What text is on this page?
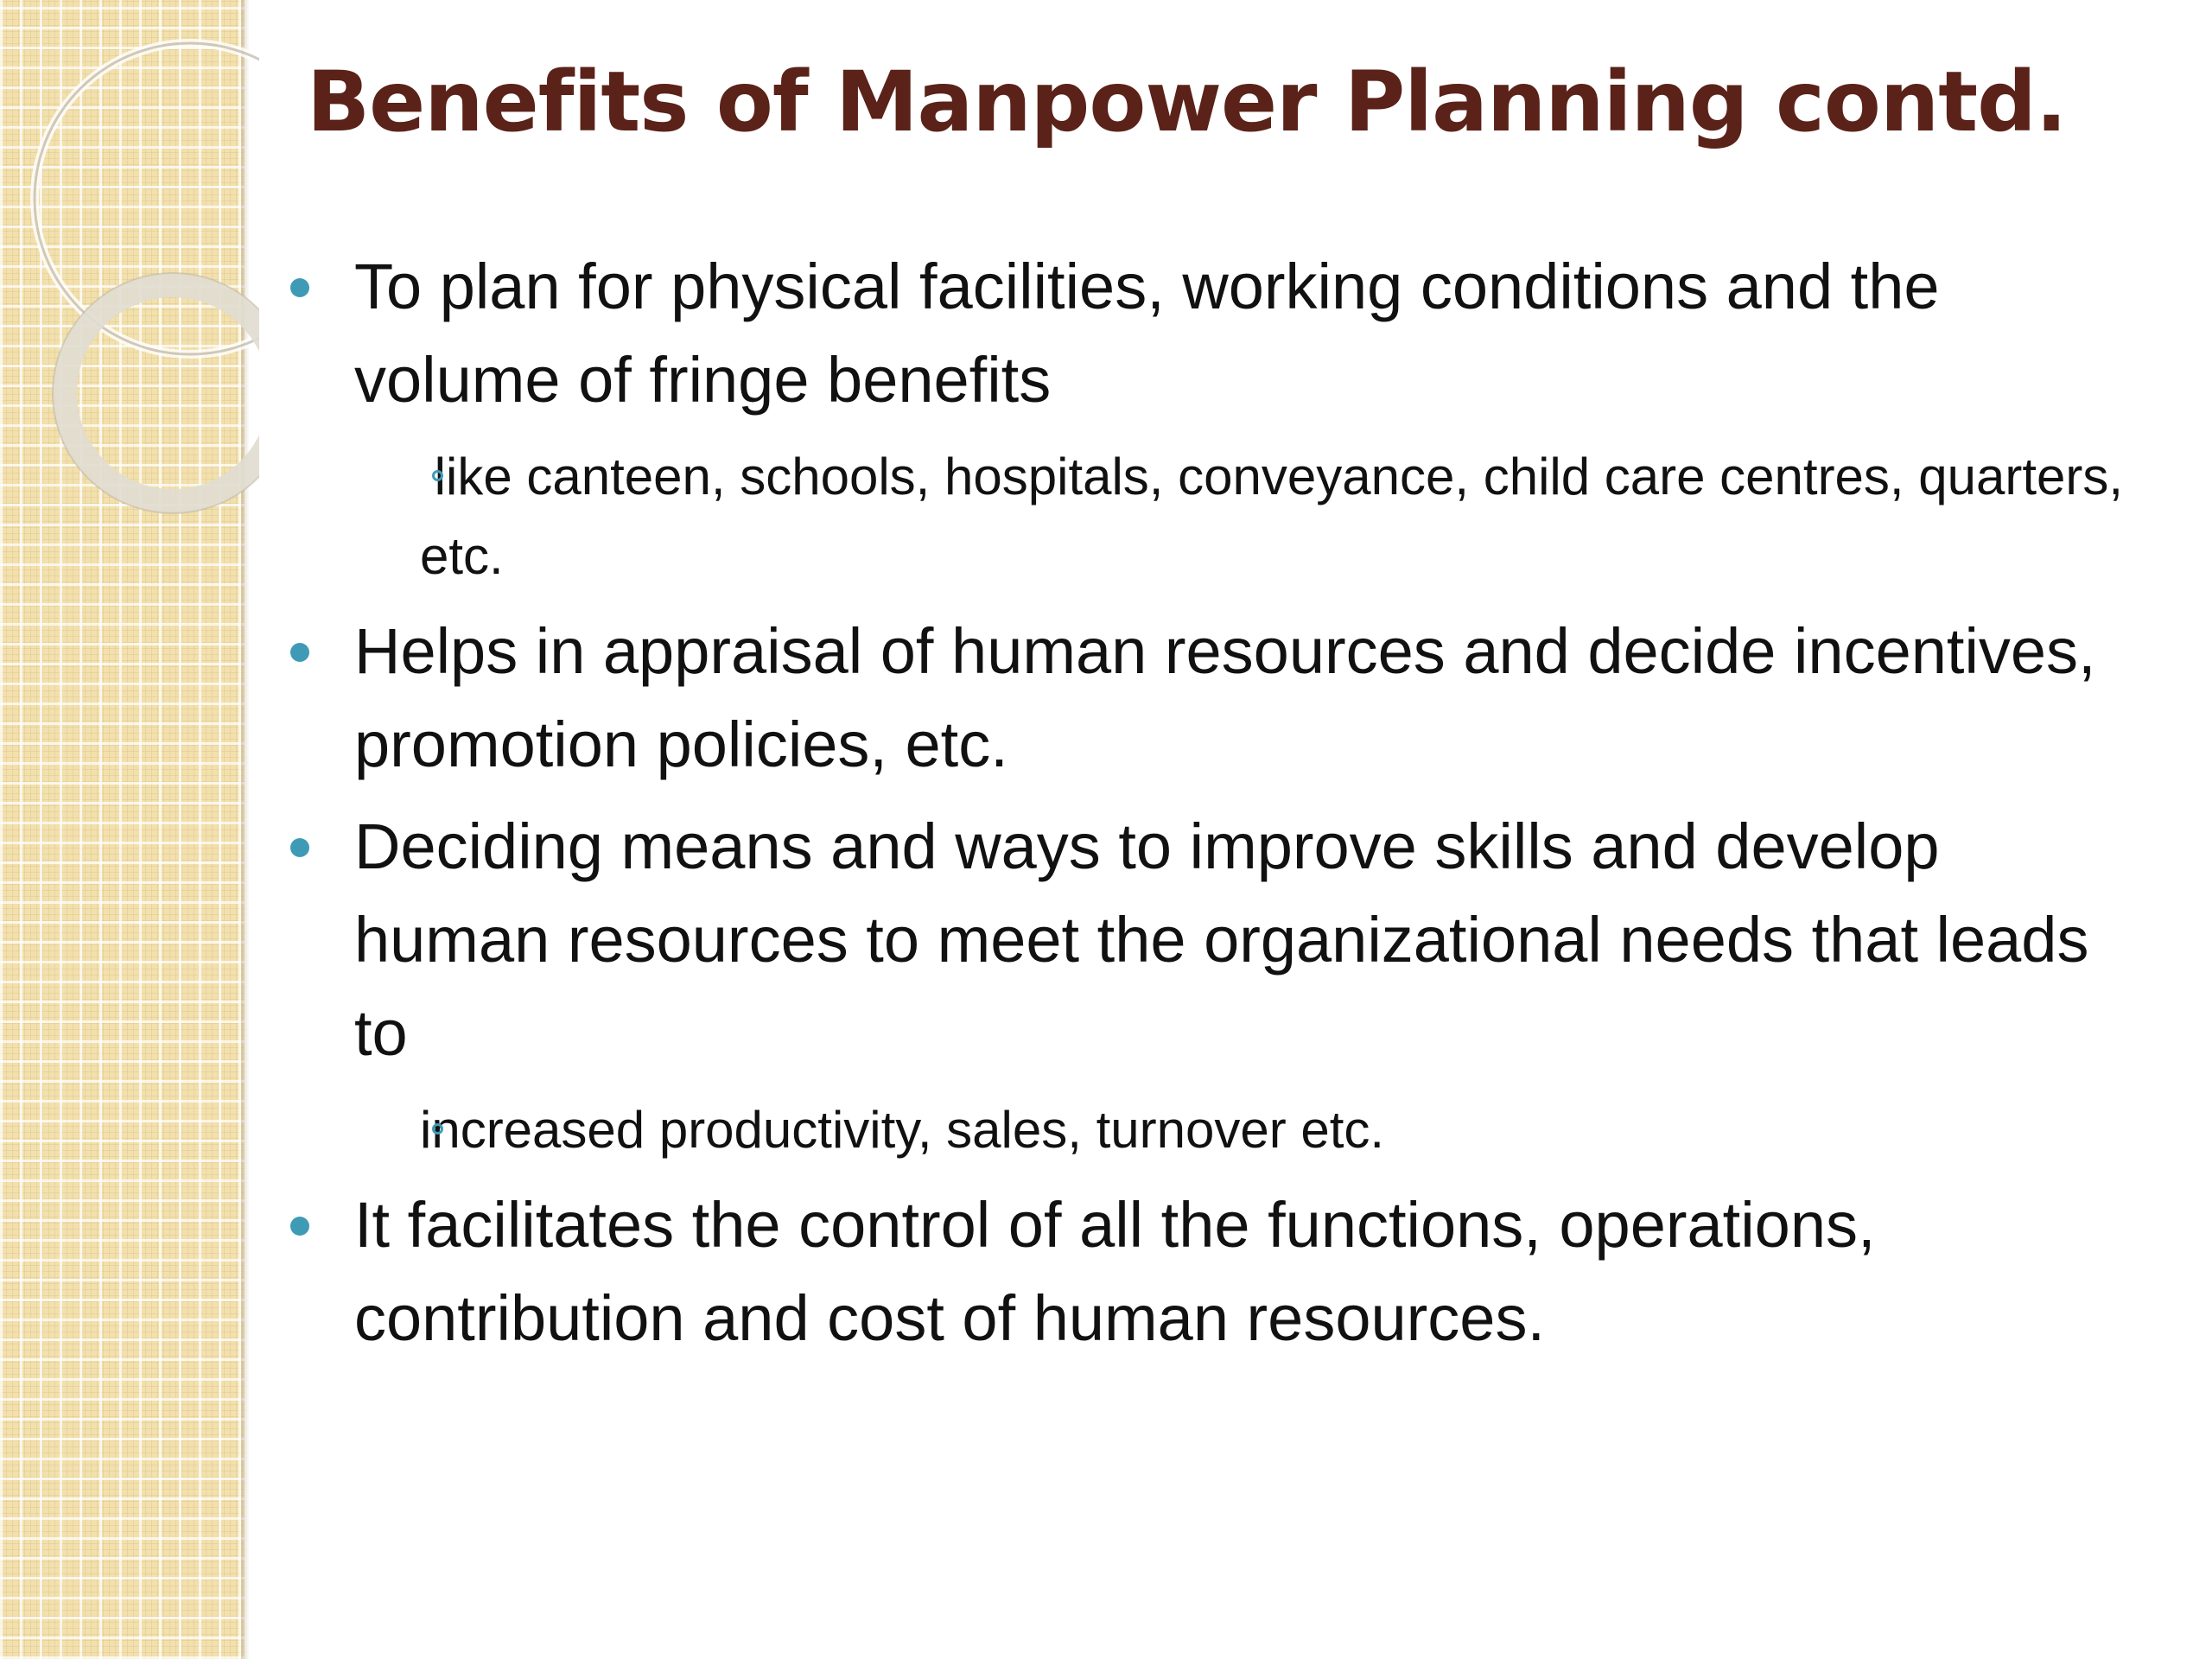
Benefits of Manpower Planning contd.
To plan for physical facilities, working conditions and the volume of fringe benefits
like canteen, schools, hospitals, conveyance, child care centres, quarters, etc.
Helps in appraisal of human resources and decide incentives, promotion policies, etc.
Deciding means and ways to improve skills and develop human resources to meet the organizational needs that leads to
increased productivity, sales, turnover etc.
It facilitates the control of all the functions, operations, contribution and cost of human resources.
